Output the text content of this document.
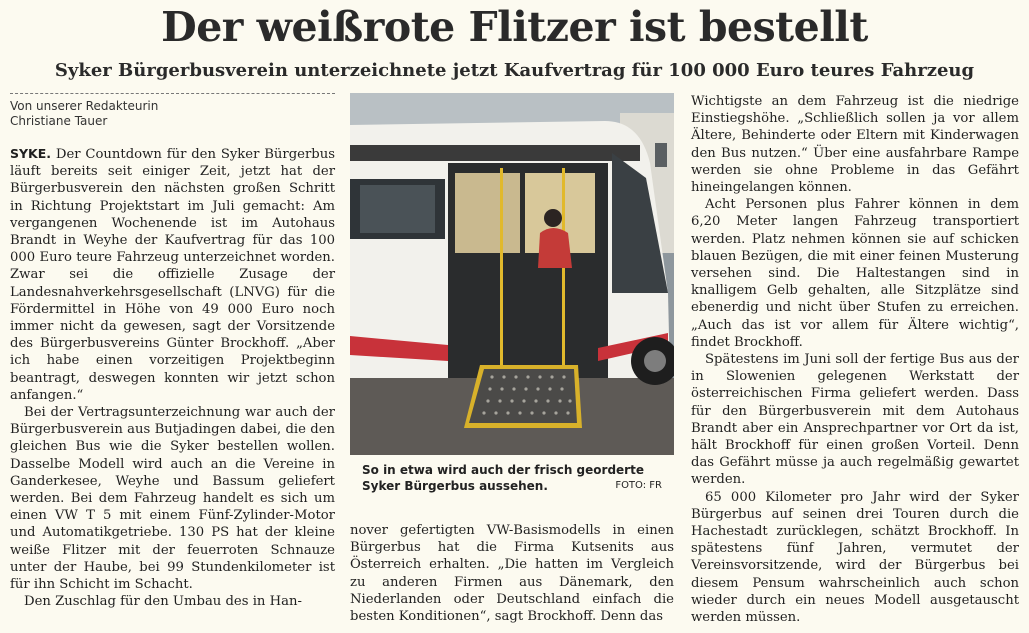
Der weißrote Flitzer ist bestellt
Syker Bürgerbusverein unterzeichnete jetzt Kaufvertrag für 100 000 Euro teures Fahrzeug
Von unserer Redakteurin
Christiane Tauer

SYKE. Der Countdown für den Syker Bürgerbus läuft bereits seit einiger Zeit, jetzt hat der Bürgerbusverein den nächsten großen Schritt in Richtung Projektstart im Juli gemacht: Am vergangenen Wochenende ist im Autohaus Brandt in Weyhe der Kaufvertrag für das 100 000 Euro teure Fahrzeug unterzeichnet worden. Zwar sei die offizielle Zusage der Landesnahverkehrsgesellschaft (LNVG) für die Fördermittel in Höhe von 49 000 Euro noch immer nicht da gewesen, sagt der Vorsitzende des Bürgerbusvereins Günter Brockhoff. „Aber ich habe einen vorzeitigen Projektbeginn beantragt, deswegen konnten wir jetzt schon anfangen.“

Bei der Vertragsunterzeichnung war auch der Bürgerbusverein aus Butjadingen dabei, die den gleichen Bus wie die Syker bestellen wollen. Dasselbe Modell wird auch an die Vereine in Ganderkesee, Weyhe und Bassum geliefert werden. Bei dem Fahrzeug handelt es sich um einen VW T 5 mit einem Fünf-Zylinder-Motor und Automatikgetriebe. 130 PS hat der kleine weiße Flitzer mit der feuerroten Schnauze unter der Haube, bei 99 Stundenkilometer ist für ihn Schicht im Schacht.

Den Zuschlag für den Umbau des in Han-

So in etwa wird auch der frisch georderte Syker Bürgerbus aussehen.	FOTO: FR

nover gefertigten VW-Basismodells in einen Bürgerbus hat die Firma Kutsenits aus Österreich erhalten. „Die hatten im Vergleich zu anderen Firmen aus Dänemark, den Niederlanden oder Deutschland einfach die besten Konditionen“, sagt Brockhoff. Denn das

Wichtigste an dem Fahrzeug ist die niedrige Einstiegshöhe. „Schließlich sollen ja vor allem Ältere, Behinderte oder Eltern mit Kinderwagen den Bus nutzen.“ Über eine ausfahrbare Rampe werden sie ohne Probleme in das Gefährt hineingelangen können.

Acht Personen plus Fahrer können in dem 6,20 Meter langen Fahrzeug transportiert werden. Platz nehmen können sie auf schicken blauen Bezügen, die mit einer feinen Musterung versehen sind. Die Haltestangen sind in knalligem Gelb gehalten, alle Sitzplätze sind ebenerdig und nicht über Stufen zu erreichen. „Auch das ist vor allem für Ältere wichtig“, findet Brockhoff.

Spätestens im Juni soll der fertige Bus aus der in Slowenien gelegenen Werkstatt der österreichischen Firma geliefert werden. Dass für den Bürgerbusverein mit dem Autohaus Brandt aber ein Ansprechpartner vor Ort da ist, hält Brockhoff für einen großen Vorteil. Denn das Gefährt müsse ja auch regelmäßig gewartet werden.

65 000 Kilometer pro Jahr wird der Syker Bürgerbus auf seinen drei Touren durch die Hachestadt zurücklegen, schätzt Brockhoff. In spätestens fünf Jahren, vermutet der Vereinsvorsitzende, wird der Bürgerbus bei diesem Pensum wahrscheinlich auch schon wieder durch ein neues Modell ausgetauscht werden müssen.
